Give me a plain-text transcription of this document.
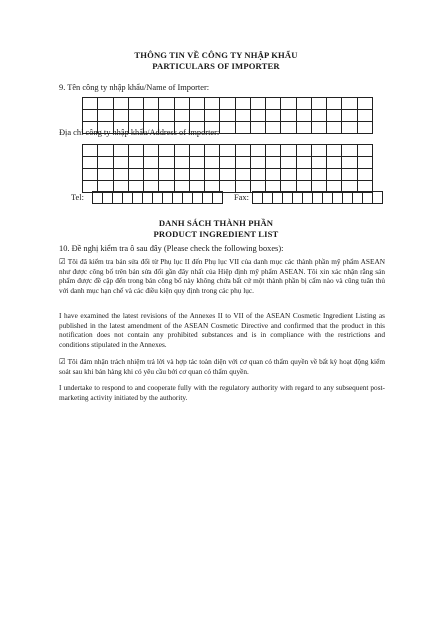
THÔNG TIN VỀ CÔNG TY NHẬP KHẨU
PARTICULARS OF IMPORTER
9. Tên công ty nhập khẩu/Name of Importer:
Địa chỉ công ty nhập khẩu/Address of importer:
Tel:	Fax:
DANH SÁCH THÀNH PHẦN
PRODUCT INGREDIENT LIST
10. Đề nghị kiểm tra ô sau đây (Please check the following boxes):
☑ Tôi đã kiểm tra bản sửa đổi từ Phụ lục II đến Phụ lục VII của danh mục các thành phần mỹ phẩm ASEAN như được công bố trên bản sửa đổi gần đây nhất của Hiệp định mỹ phẩm ASEAN. Tôi xin xác nhận rằng sản phẩm được đề cập đến trong bản công bố này không chứa bất cứ một thành phần bị cấm nào và cũng tuân thủ với danh mục hạn chế và các điều kiện quy định trong các phụ lục.
I have examined the latest revisions of the Annexes II to VII of the ASEAN Cosmetic Ingredient Listing as published in the latest amendment of the ASEAN Cosmetic Directive and confirmed that the product in this notification does not contain any prohibited substances and is in compliance with the restrictions and conditions stipulated in the Annexes.
☑ Tôi đảm nhận trách nhiệm trả lời và hợp tác toàn diện với cơ quan có thẩm quyền về bất kỳ hoạt động kiểm soát sau khi bán hàng khi có yêu cầu bởi cơ quan có thẩm quyền.
I undertake to respond to and cooperate fully with the regulatory authority with regard to any subsequent post-marketing activity initiated by the authority.
